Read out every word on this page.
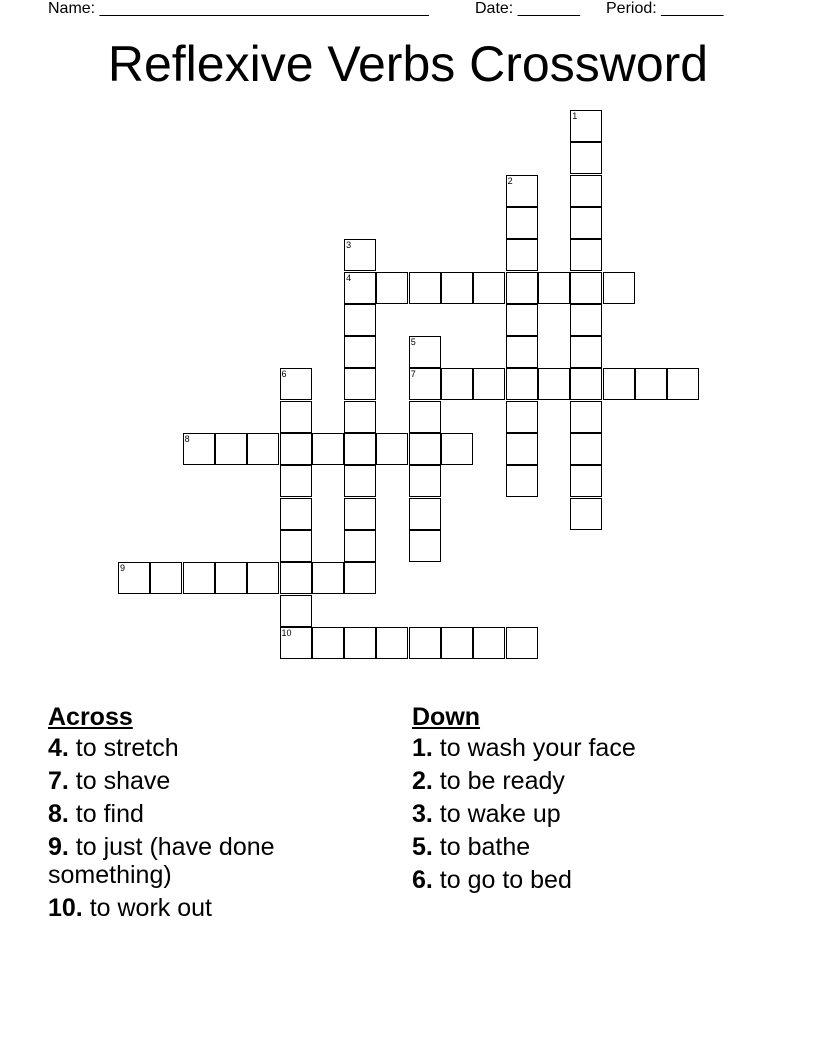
Name: _____________________________________	Date: _______ Period: _______
Reflexive Verbs Crossword
1
2
3
4
5
7
6
10
8
9
Across
4. to stretch
7. to shave
8. to find
9. to just (have done something)
10. to work out
Down
1. to wash your face
2. to be ready
3. to wake up
5. to bathe
6. to go to bed
